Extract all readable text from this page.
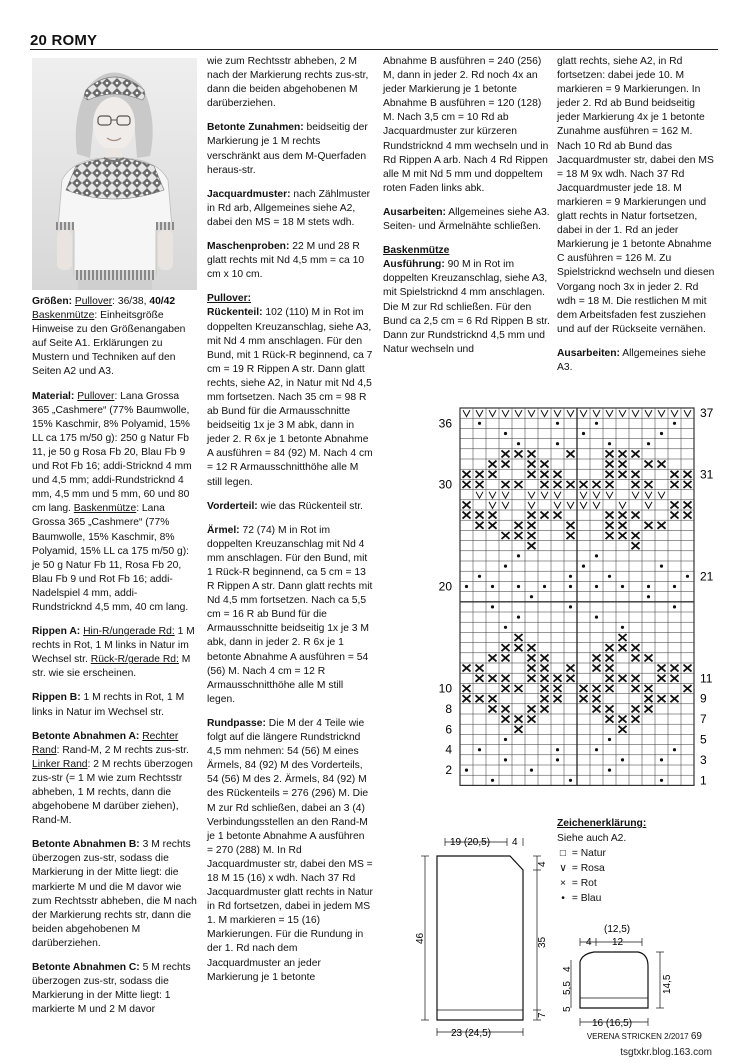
20 ROMY

Größen: Pullover: 36/38, 40/42 Baskenmütze: Einheitsgröße Hinweise zu den Größenangaben auf Seite A1. Erklärungen zu Mustern und Techniken auf den Seiten A2 und A3.

Material: Pullover: Lana Grossa 365 „Cashmere“ (77% Baumwolle, 15% Kaschmir, 8% Polyamid, 15% LL ca 175 m/50 g): 250 g Natur Fb 11, je 50 g Rosa Fb 20, Blau Fb 9 und Rot Fb 16; addi-Stricknd 4 mm und 4,5 mm; addi-Rundstricknd 4 mm, 4,5 mm und 5 mm, 60 und 80 cm lang. Baskenmütze: Lana Grossa 365 „Cashmere“ (77% Baumwolle, 15% Kaschmir, 8% Polyamid, 15% LL ca 175 m/50 g): je 50 g Natur Fb 11, Rosa Fb 20, Blau Fb 9 und Rot Fb 16; addi-Nadelspiel 4 mm, addi-Rundstricknd 4,5 mm, 40 cm lang.

Rippen A: Hin-R/ungerade Rd: 1 M rechts in Rot, 1 M links in Natur im Wechsel str. Rück-R/gerade Rd: M str. wie sie erscheinen.

Rippen B: 1 M rechts in Rot, 1 M links in Natur im Wechsel str.

Betonte Abnahmen A: Rechter Rand: Rand-M, 2 M rechts zus-str. Linker Rand: 2 M rechts überzogen zus-str (= 1 M wie zum Rechtsstr abheben, 1 M rechts, dann die abgehobene M darüber ziehen), Rand-M.

Betonte Abnahmen B: 3 M rechts überzogen zus-str, sodass die Markierung in der Mitte liegt: die markierte M und die M davor wie zum Rechtsstr abheben, die M nach der Markierung rechts str, dann die beiden abgehobenen M darüberziehen.

Betonte Abnahmen C: 5 M rechts überzogen zus-str, sodass die Markierung in der Mitte liegt: 1 markierte M und 2 M davor

wie zum Rechtsstr abheben, 2 M nach der Markierung rechts zus-str, dann die beiden abgehobenen M darüberziehen.

Betonte Zunahmen: beidseitig der Markierung je 1 M rechts verschränkt aus dem M-Querfaden heraus-str.

Jacquardmuster: nach Zählmuster in Rd arb, Allgemeines siehe A2, dabei den MS = 18 M stets wdh.

Maschenproben: 22 M und 28 R glatt rechts mit Nd 4,5 mm = ca 10 cm x 10 cm.

Pullover:

Rückenteil: 102 (110) M in Rot im doppelten Kreuzanschlag, siehe A3, mit Nd 4 mm anschlagen. Für den Bund, mit 1 Rück-R beginnend, ca 7 cm = 19 R Rippen A str. Dann glatt rechts, siehe A2, in Natur mit Nd 4,5 mm fortsetzen. Nach 35 cm = 98 R ab Bund für die Armausschnitte beidseitig 1x je 3 M abk, dann in jeder 2. R 6x je 1 betonte Abnahme A ausführen = 84 (92) M. Nach 4 cm = 12 R Armausschnitthöhe alle M still legen.

Vorderteil: wie das Rückenteil str.

Ärmel: 72 (74) M in Rot im doppelten Kreuzanschlag mit Nd 4 mm anschlagen. Für den Bund, mit 1 Rück-R beginnend, ca 5 cm = 13 R Rippen A str. Dann glatt rechts mit Nd 4,5 mm fortsetzen. Nach ca 5,5 cm = 16 R ab Bund für die Armausschnitte beidseitig 1x je 3 M abk, dann in jeder 2. R 6x je 1 betonte Abnahme A ausführen = 54 (56) M. Nach 4 cm = 12 R Armausschnitthöhe alle M still legen.

Rundpasse: Die M der 4 Teile wie folgt auf die längere Rundstricknd 4,5 mm nehmen: 54 (56) M eines Ärmels, 84 (92) M des Vorderteils, 54 (56) M des 2. Ärmels, 84 (92) M des Rückenteils = 276 (296) M. Die M zur Rd schließen, dabei an 3 (4) Verbindungsstellen an den Rand-M je 1 betonte Abnahme A ausführen = 270 (288) M. In Rd Jacquardmuster str, dabei den MS = 18 M 15 (16) x wdh. Nach 37 Rd Jacquardmuster glatt rechts in Natur in Rd fortsetzen, dabei in jedem MS 1. M markieren = 15 (16) Markierungen. Für die Rundung in der 1. Rd nach dem Jacquardmuster an jeder Markierung je 1 betonte

Abnahme B ausführen = 240 (256) M, dann in jeder 2. Rd noch 4x an jeder Markierung je 1 betonte Abnahme B ausführen = 120 (128) M. Nach 3,5 cm = 10 Rd ab Jacquardmuster zur kürzeren Rundstricknd 4 mm wechseln und in Rd Rippen A arb. Nach 4 Rd Rippen alle M mit Nd 5 mm und doppeltem roten Faden links abk.

Ausarbeiten: Allgemeines siehe A3. Seiten- und Ärmelnähte schließen.

Baskenmütze

Ausführung: 90 M in Rot im doppelten Kreuzanschlag, siehe A3, mit Spielstricknd 4 mm anschlagen. Die M zur Rd schließen. Für den Bund ca 2,5 cm = 6 Rd Rippen B str. Dann zur Rundstricknd 4,5 mm und Natur wechseln und

glatt rechts, siehe A2, in Rd fortsetzen: dabei jede 10. M markieren = 9 Markierungen. In jeder 2. Rd ab Bund beidseitig jeder Markierung 4x je 1 betonte Zunahme ausführen = 162 M. Nach 10 Rd ab Bund das Jacquardmuster str, dabei den MS = 18 M 9x wdh. Nach 37 Rd Jacquardmuster jede 18. M markieren = 9 Markierungen und glatt rechts in Natur fortsetzen, dabei in der 1. Rd an jeder Markierung je 1 betonte Abnahme C ausführen = 126 M. Zu Spielstricknd wechseln und diesen Vorgang noch 3x in jeder 2. Rd wdh = 18 M. Die restlichen M mit dem Arbeitsfaden fest zusziehen und auf der Rückseite vernähen.

Ausarbeiten: Allgemeines siehe A3.

36
30
20
10
8
6
4
2
37
31
21
11
9
7
5
3
1
Zeichenerklärung:
Siehe auch A2.
□ = Natur
∨ = Rosa
× = Rot
• = Blau
19 (20,5) 4
4
35
7
46
23 (24,5)
(12,5)
4 12
14,5
5
5,5
4
16 (16,5)
VERENA STRICKEN 2/2017 69
tsgtxkr.blog.163.com
